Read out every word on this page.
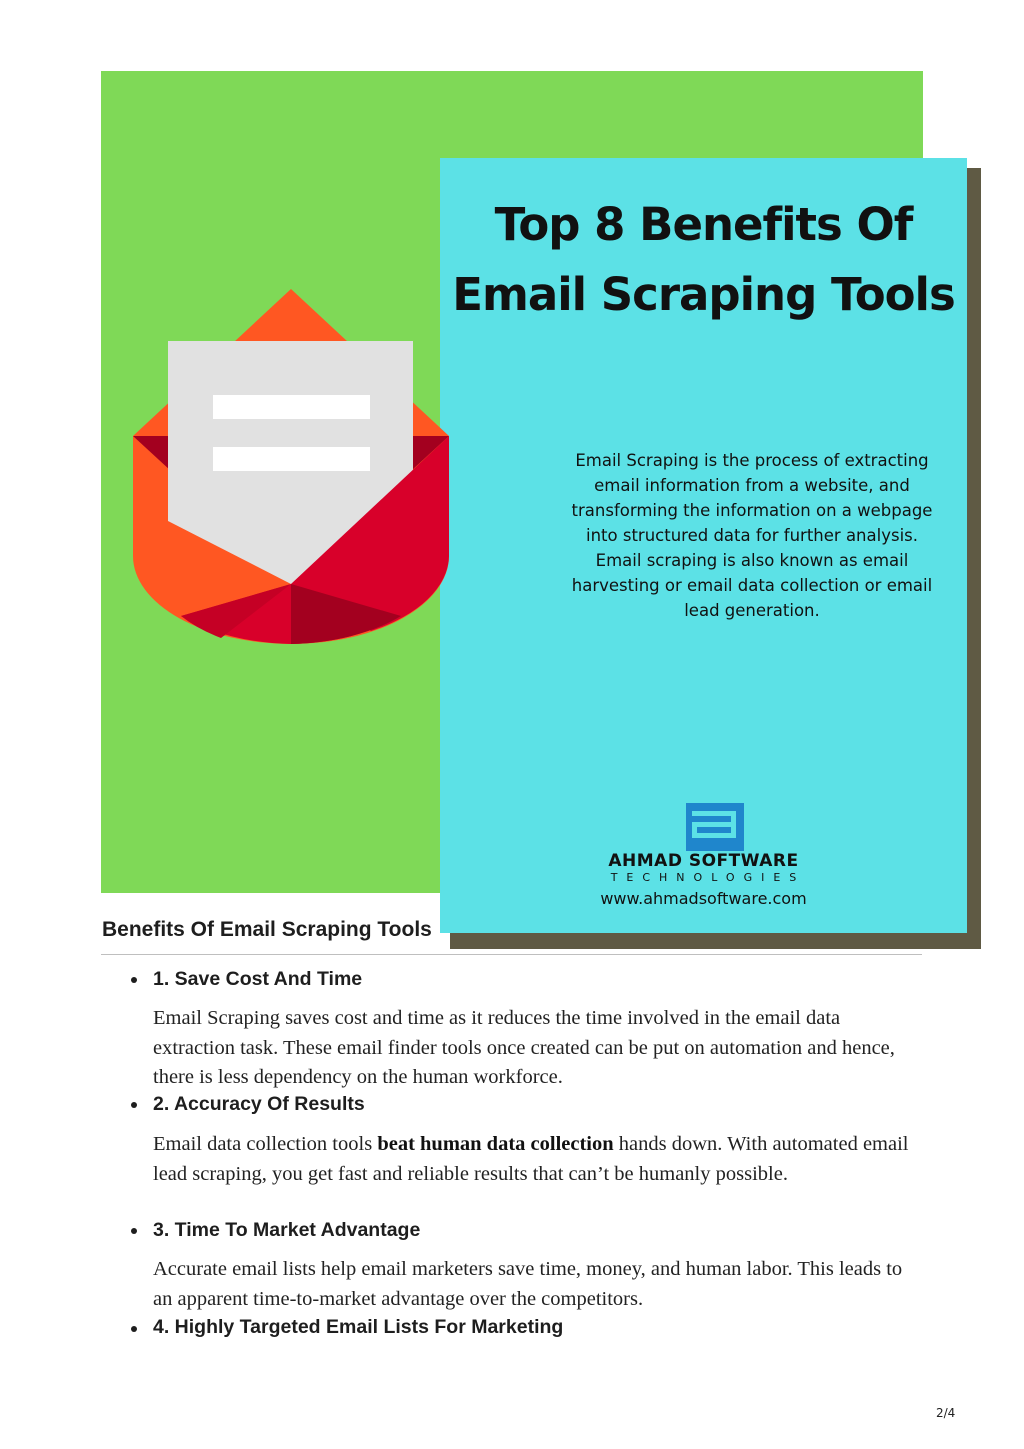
Top 8 Benefits Of
Email Scraping Tools
Email Scraping is the process of extracting email information from a website, and transforming the information on a webpage into structured data for further analysis. Email scraping is also known as email harvesting or email data collection or email lead generation.
AHMAD SOFTWARE
TECHNOLOGIES
www.ahmadsoftware.com
Benefits Of Email Scraping Tools
1. Save Cost And Time

Email Scraping saves cost and time as it reduces the time involved in the email data extraction task. These email finder tools once created can be put on automation and hence, there is less dependency on the human workforce.

2. Accuracy Of Results

Email data collection tools beat human data collection hands down. With automated email lead scraping, you get fast and reliable results that can’t be humanly possible.

3. Time To Market Advantage

Accurate email lists help email marketers save time, money, and human labor. This leads to an apparent time-to-market advantage over the competitors.

4. Highly Targeted Email Lists For Marketing
2/4
